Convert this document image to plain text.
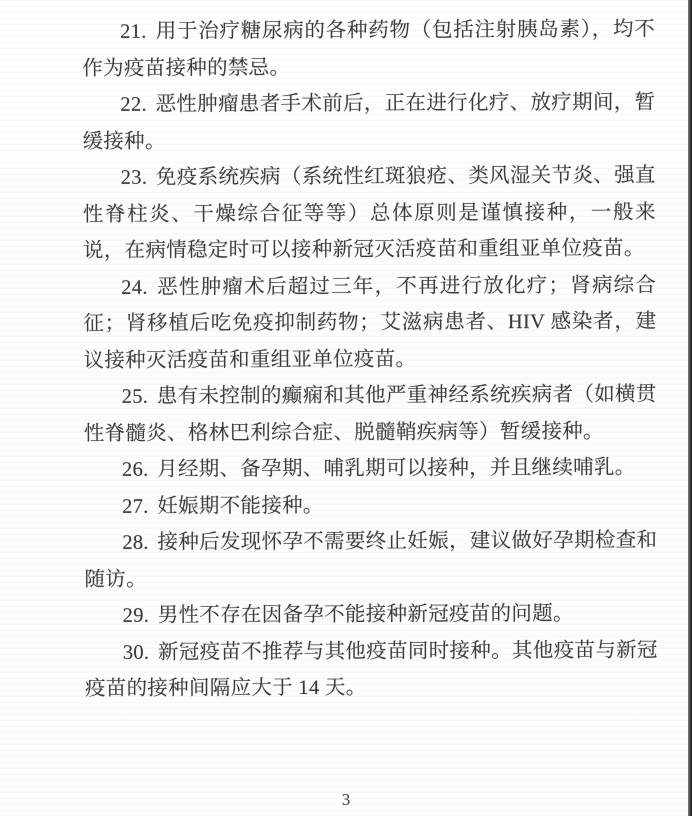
21. 用于治疗糖尿病的各种药物（包括注射胰岛素），均不作为疫苗接种的禁忌。

22. 恶性肿瘤患者手术前后，正在进行化疗、放疗期间，暂缓接种。

23. 免疫系统疾病（系统性红斑狼疮、类风湿关节炎、强直性脊柱炎、干燥综合征等等）总体原则是谨慎接种，一般来说，在病情稳定时可以接种新冠灭活疫苗和重组亚单位疫苗。

24. 恶性肿瘤术后超过三年，不再进行放化疗；肾病综合征；肾移植后吃免疫抑制药物；艾滋病患者、HIV 感染者，建议接种灭活疫苗和重组亚单位疫苗。

25. 患有未控制的癫痫和其他严重神经系统疾病者（如横贯性脊髓炎、格林巴利综合症、脱髓鞘疾病等）暂缓接种。

26. 月经期、备孕期、哺乳期可以接种，并且继续哺乳。

27. 妊娠期不能接种。

28. 接种后发现怀孕不需要终止妊娠，建议做好孕期检查和随访。

29. 男性不存在因备孕不能接种新冠疫苗的问题。

30. 新冠疫苗不推荐与其他疫苗同时接种。其他疫苗与新冠疫苗的接种间隔应大于 14 天。

3
